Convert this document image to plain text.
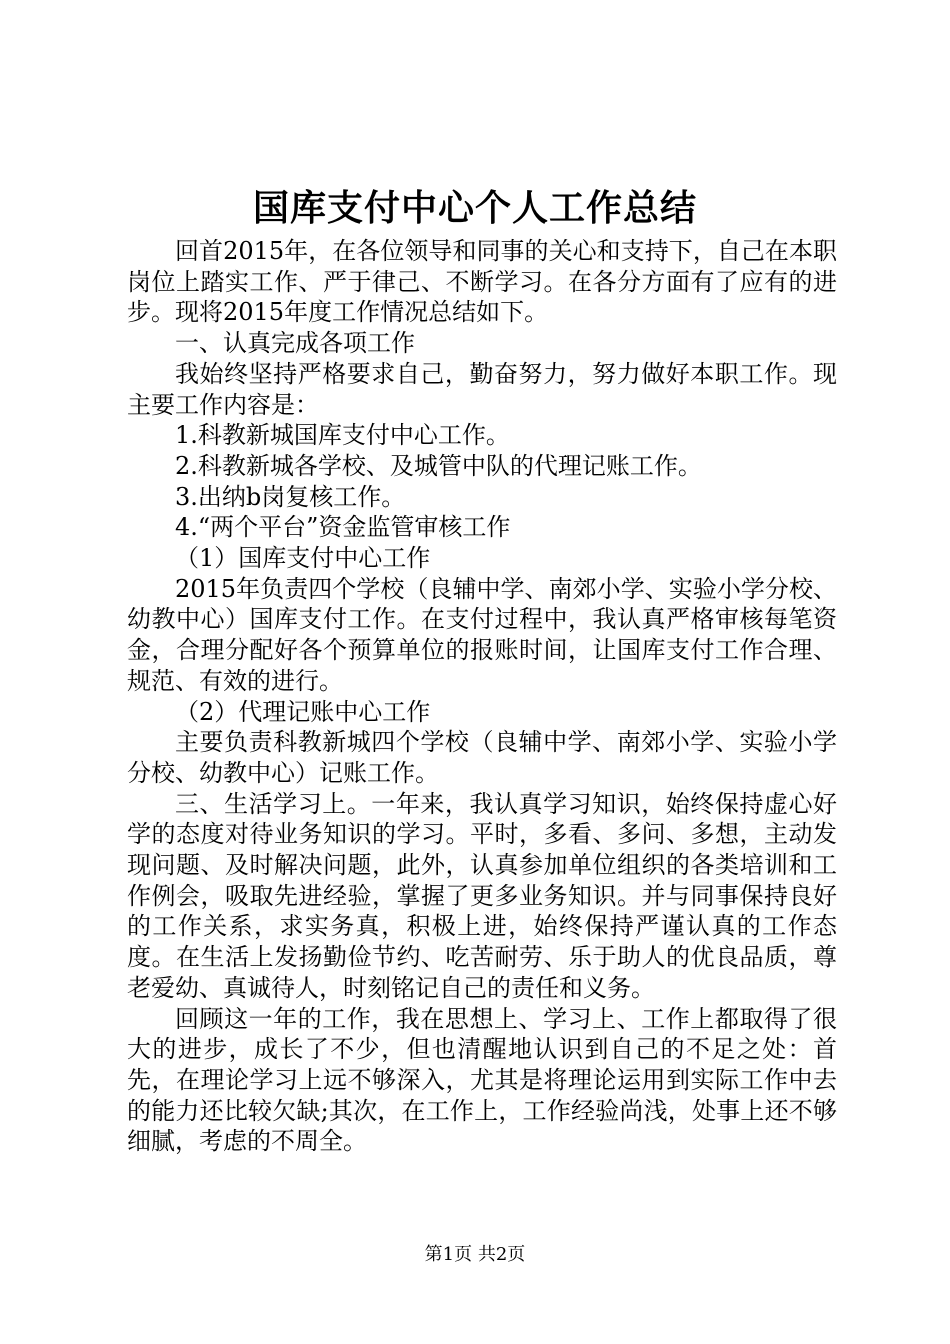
国库支付中心个人工作总结

回首2015年，在各位领导和同事的关心和支持下，自己在本职岗位上踏实工作、严于律己、不断学习。在各分方面有了应有的进步。现将2015年度工作情况总结如下。

一、认真完成各项工作

我始终坚持严格要求自己，勤奋努力，努力做好本职工作。现主要工作内容是：

1.科教新城国库支付中心工作。

2.科教新城各学校、及城管中队的代理记账工作。

3.出纳b岗复核工作。

4.“两个平台”资金监管审核工作

（1）国库支付中心工作

2015年负责四个学校（良辅中学、南郊小学、实验小学分校、幼教中心）国库支付工作。在支付过程中，我认真严格审核每笔资金，合理分配好各个预算单位的报账时间，让国库支付工作合理、规范、有效的进行。

（2）代理记账中心工作

主要负责科教新城四个学校（良辅中学、南郊小学、实验小学分校、幼教中心）记账工作。

三、生活学习上。一年来，我认真学习知识，始终保持虚心好学的态度对待业务知识的学习。平时，多看、多问、多想，主动发现问题、及时解决问题，此外，认真参加单位组织的各类培训和工作例会，吸取先进经验，掌握了更多业务知识。并与同事保持良好的工作关系，求实务真，积极上进，始终保持严谨认真的工作态度。在生活上发扬勤俭节约、吃苦耐劳、乐于助人的优良品质，尊老爱幼、真诚待人，时刻铭记自己的责任和义务。

回顾这一年的工作，我在思想上、学习上、工作上都取得了很大的进步，成长了不少，但也清醒地认识到自己的不足之处：首先，在理论学习上远不够深入，尤其是将理论运用到实际工作中去的能力还比较欠缺;其次，在工作上，工作经验尚浅，处事上还不够细腻，考虑的不周全。

第1页 共2页
